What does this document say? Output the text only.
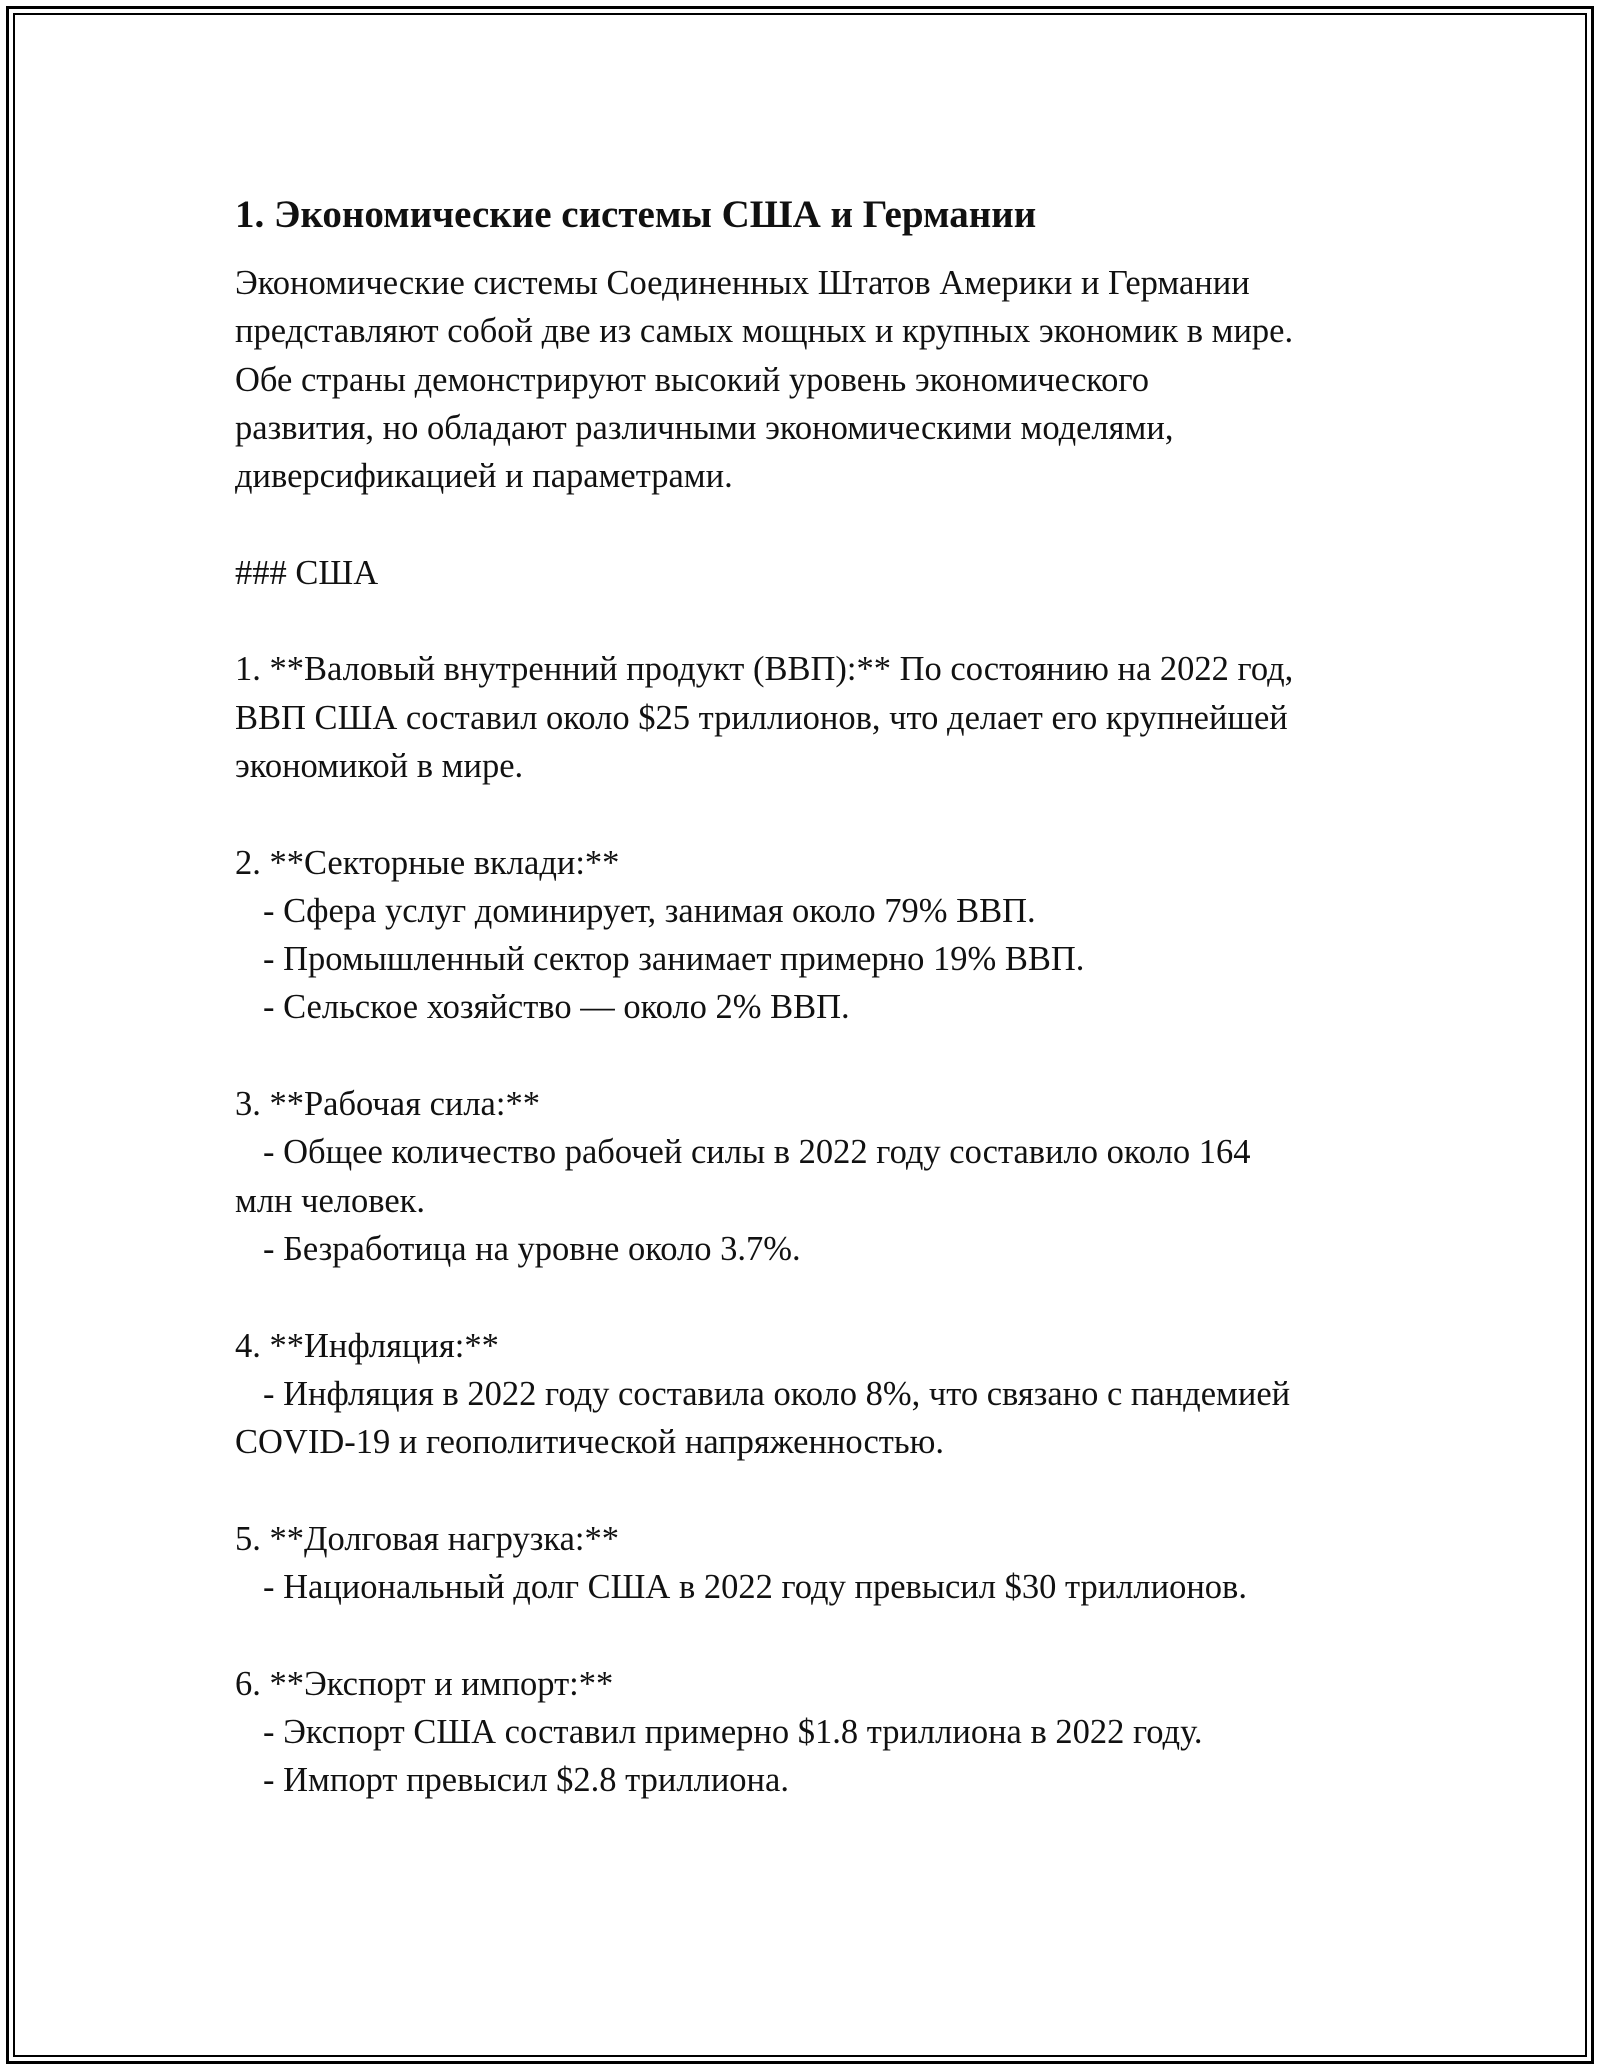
1. Экономические системы США и Германии
Экономические системы Соединенных Штатов Америки и Германии
представляют собой две из самых мощных и крупных экономик в мире.
Обе страны демонстрируют высокий уровень экономического
развития, но обладают различными экономическими моделями,
диверсификацией и параметрами.
### США
1. **Валовый внутренний продукт (ВВП):** По состоянию на 2022 год,
ВВП США составил около $25 триллионов, что делает его крупнейшей
экономикой в мире.
2. **Секторные вклади:**
- Сфера услуг доминирует, занимая около 79% ВВП.
- Промышленный сектор занимает примерно 19% ВВП.
- Сельское хозяйство — около 2% ВВП.
3. **Рабочая сила:**
- Общее количество рабочей силы в 2022 году составило около 164
млн человек.
- Безработица на уровне около 3.7%.
4. **Инфляция:**
- Инфляция в 2022 году составила около 8%, что связано с пандемией
COVID-19 и геополитической напряженностью.
5. **Долговая нагрузка:**
- Национальный долг США в 2022 году превысил $30 триллионов.
6. **Экспорт и импорт:**
- Экспорт США составил примерно $1.8 триллиона в 2022 году.
- Импорт превысил $2.8 триллиона.
